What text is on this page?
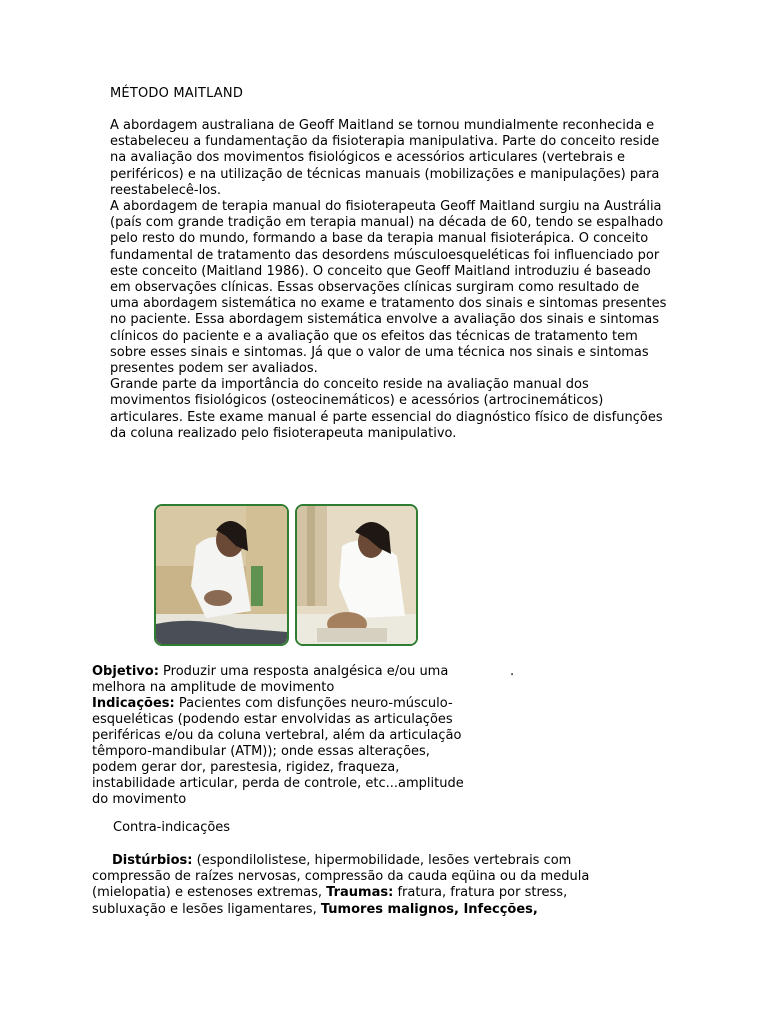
MÉTODO MAITLAND

A abordagem australiana de Geoff Maitland se tornou mundialmente reconhecida e estabeleceu a fundamentação da fisioterapia manipulativa. Parte do conceito reside na avaliação dos movimentos fisiológicos e acessórios articulares (vertebrais e periféricos) e na utilização de técnicas manuais (mobilizações e manipulações) para reestabelecê-los.

A abordagem de terapia manual do fisioterapeuta Geoff Maitland surgiu na Austrália (país com grande tradição em terapia manual) na década de 60, tendo se espalhado pelo resto do mundo, formando a base da terapia manual fisioterápica. O conceito fundamental de tratamento das desordens músculoesqueléticas foi influenciado por este conceito (Maitland 1986). O conceito que Geoff Maitland introduziu é baseado em observações clínicas. Essas observações clínicas surgiram como resultado de uma abordagem sistemática no exame e tratamento dos sinais e sintomas presentes no paciente. Essa abordagem sistemática envolve a avaliação dos sinais e sintomas clínicos do paciente e a avaliação que os efeitos das técnicas de tratamento tem sobre esses sinais e sintomas. Já que o valor de uma técnica nos sinais e sintomas presentes podem ser avaliados.

Grande parte da importância do conceito reside na avaliação manual dos movimentos fisiológicos (osteocinemáticos) e acessórios (artrocinemáticos) articulares. Este exame manual é parte essencial do diagnóstico físico de disfunções da coluna realizado pelo fisioterapeuta manipulativo.

Objetivo: Produzir uma resposta analgésica e/ou uma melhora na amplitude de movimento

Indicações: Pacientes com disfunções neuro-músculo-esqueléticas (podendo estar envolvidas as articulações periféricas e/ou da coluna vertebral, além da articulação têmporo-mandibular (ATM)); onde essas alterações, podem gerar dor, parestesia, rigidez, fraqueza, instabilidade articular, perda de controle, etc...amplitude do movimento

.
Contra-indicações
Distúrbios: (espondilolistese, hipermobilidade, lesões vertebrais com compressão de raízes nervosas, compressão da cauda eqüina ou da medula (mielopatia) e estenoses extremas, Traumas: fratura, fratura por stress, subluxação e lesões ligamentares, Tumores malignos, Infecções,
